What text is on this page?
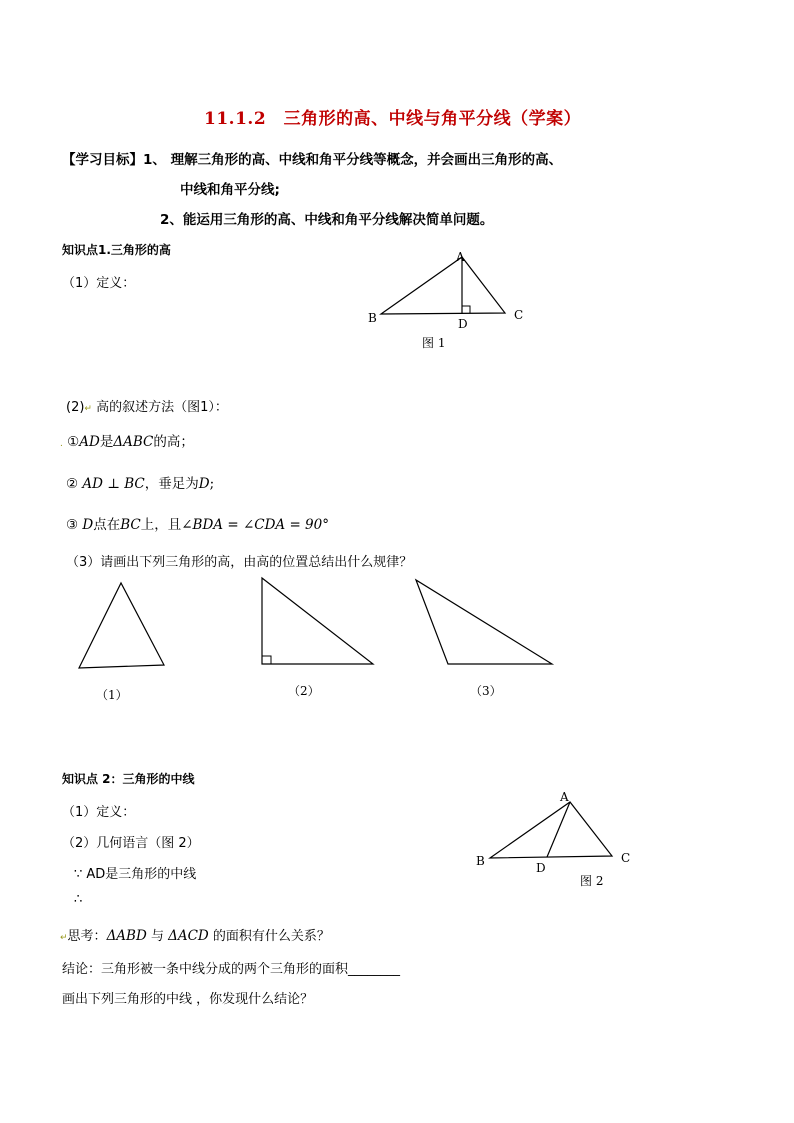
11.1.2　三角形的高、中线与角平分线（学案）
【学习目标】1、 理解三角形的高、中线和角平分线等概念，并会画出三角形的高、
中线和角平分线;
2、能运用三角形的高、中线和角平分线解决简单问题。
知识点1.三角形的高
（1）定义：
A
B	C
D
图 1
(2)↵ 高的叙述方法（图1）：
. ①AD是ΔABC的高；
② AD ⊥ BC，垂足为D;
③ D点在BC上，且∠BDA = ∠CDA = 90°
（3）请画出下列三角形的高，由高的位置总结出什么规律？
（1）	（2）	（3）
知识点 2：三角形的中线
（1）定义：
（2）几何语言（图 2）
∵ AD是三角形的中线
∴
A
B	C
D
图 2
↵思考：ΔABD 与 ΔACD 的面积有什么关系？
结论：三角形被一条中线分成的两个三角形的面积________
画出下列三角形的中线 ，你发现什么结论？
